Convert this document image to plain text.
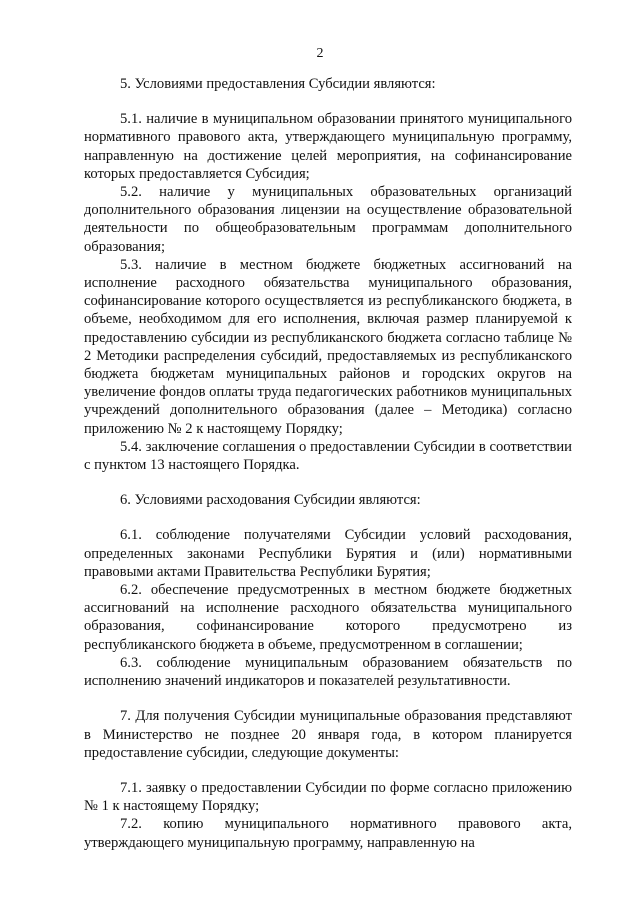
2

5. Условиями предоставления Субсидии являются:

5.1. наличие в муниципальном образовании принятого муниципального нормативного правового акта, утверждающего муниципальную программу, направленную на достижение целей мероприятия, на софинансирование которых предоставляется Субсидия;

5.2. наличие у муниципальных образовательных организаций дополнительного образования лицензии на осуществление образовательной деятельности по общеобразовательным программам дополнительного образования;

5.3. наличие в местном бюджете бюджетных ассигнований на исполнение расходного обязательства муниципального образования, софинансирование которого осуществляется из республиканского бюджета, в объеме, необходимом для его исполнения, включая размер планируемой к предоставлению субсидии из республиканского бюджета согласно таблице № 2 Методики распределения субсидий, предоставляемых из республиканского бюджета бюджетам муниципальных районов и городских округов на увеличение фондов оплаты труда педагогических работников муниципальных учреждений дополнительного образования (далее – Методика) согласно приложению № 2 к настоящему Порядку;

5.4. заключение соглашения о предоставлении Субсидии в соответствии с пунктом 13 настоящего Порядка.

6. Условиями расходования Субсидии являются:

6.1. соблюдение получателями Субсидии условий расходования, определенных законами Республики Бурятия и (или) нормативными правовыми актами Правительства Республики Бурятия;

6.2. обеспечение предусмотренных в местном бюджете бюджетных ассигнований на исполнение расходного обязательства муниципального образования, софинансирование которого предусмотрено из республиканского бюджета в объеме, предусмотренном в соглашении;

6.3. соблюдение муниципальным образованием обязательств по исполнению значений индикаторов и показателей результативности.

7. Для получения Субсидии муниципальные образования представляют в Министерство не позднее 20 января года, в котором планируется предоставление субсидии, следующие документы:

7.1. заявку о предоставлении Субсидии по форме согласно приложению № 1 к настоящему Порядку;

7.2. копию муниципального нормативного правового акта, утверждающего муниципальную программу, направленную на
